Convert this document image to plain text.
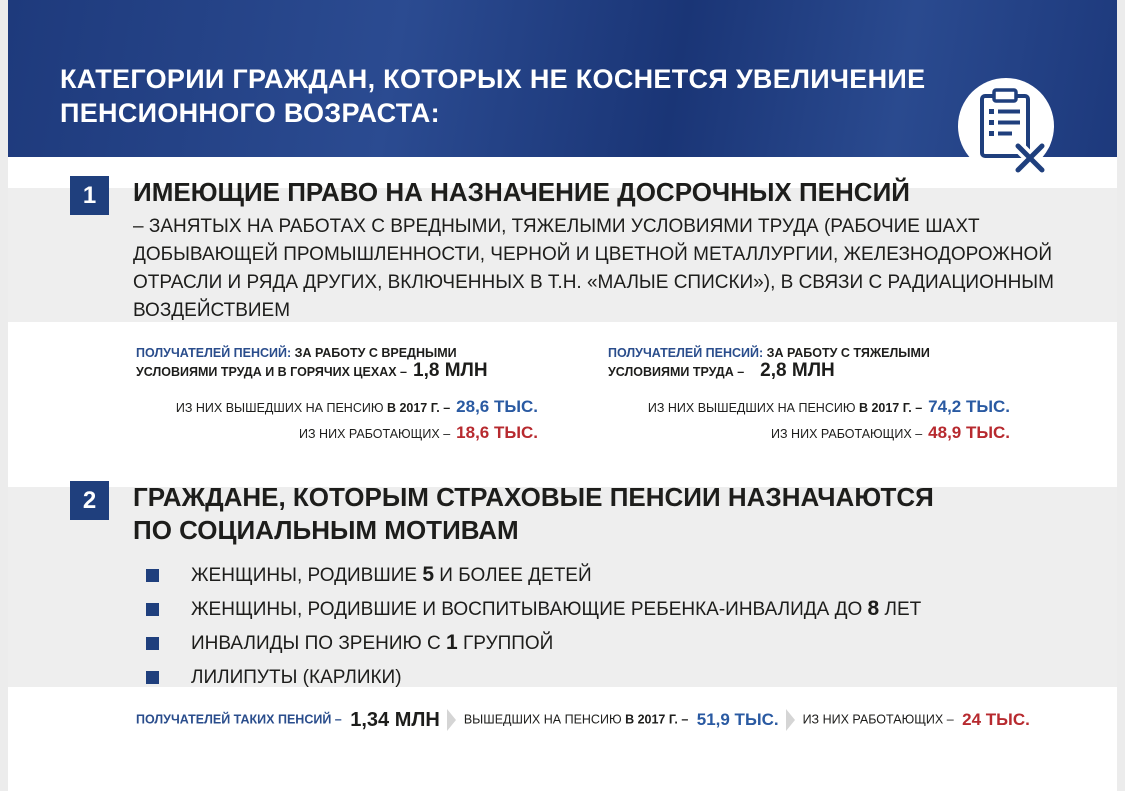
КАТЕГОРИИ ГРАЖДАН, КОТОРЫХ НЕ КОСНЕТСЯ УВЕЛИЧЕНИЕ
ПЕНСИОННОГО ВОЗРАСТА:
1	ИМЕЮЩИЕ ПРАВО НА НАЗНАЧЕНИЕ ДОСРОЧНЫХ ПЕНСИЙ

– ЗАНЯТЫХ НА РАБОТАХ С ВРЕДНЫМИ, ТЯЖЕЛЫМИ УСЛОВИЯМИ ТРУДА (РАБОЧИЕ ШАХТ ДОБЫВАЮЩЕЙ ПРОМЫШЛЕННОСТИ, ЧЕРНОЙ И ЦВЕТНОЙ МЕТАЛЛУРГИИ, ЖЕЛЕЗНОДОРОЖНОЙ ОТРАСЛИ И РЯДА ДРУГИХ, ВКЛЮЧЕННЫХ В Т.Н. «МАЛЫЕ СПИСКИ»), В СВЯЗИ С РАДИАЦИОННЫМ ВОЗДЕЙСТВИЕМ

ПОЛУЧАТЕЛЕЙ ПЕНСИЙ: ЗА РАБОТУ С ВРЕДНЫМИ
УСЛОВИЯМИ ТРУДА И В ГОРЯЧИХ ЦЕХАХ – 1,8 МЛН
ИЗ НИХ ВЫШЕДШИХ НА ПЕНСИЮ В 2017 Г. – 28,6 ТЫС.
ИЗ НИХ РАБОТАЮЩИХ – 18,6 ТЫС.
ПОЛУЧАТЕЛЕЙ ПЕНСИЙ: ЗА РАБОТУ С ТЯЖЕЛЫМИ
УСЛОВИЯМИ ТРУДА – 2,8 МЛН
ИЗ НИХ ВЫШЕДШИХ НА ПЕНСИЮ В 2017 Г. – 74,2 ТЫС.
ИЗ НИХ РАБОТАЮЩИХ – 48,9 ТЫС.
2	ГРАЖДАНЕ, КОТОРЫМ СТРАХОВЫЕ ПЕНСИИ НАЗНАЧАЮТСЯ
ПО СОЦИАЛЬНЫМ МОТИВАМ
ЖЕНЩИНЫ, РОДИВШИЕ 5 И БОЛЕЕ ДЕТЕЙ
ЖЕНЩИНЫ, РОДИВШИЕ И ВОСПИТЫВАЮЩИЕ РЕБЕНКА-ИНВАЛИДА ДО 8 ЛЕТ
ИНВАЛИДЫ ПО ЗРЕНИЮ С 1 ГРУППОЙ
ЛИЛИПУТЫ (КАРЛИКИ)
ПОЛУЧАТЕЛЕЙ ТАКИХ ПЕНСИЙ – 1,34 МЛН ВЫШЕДШИХ НА ПЕНСИЮ В 2017 Г. – 51,9 ТЫС. ИЗ НИХ РАБОТАЮЩИХ – 24 ТЫС.
